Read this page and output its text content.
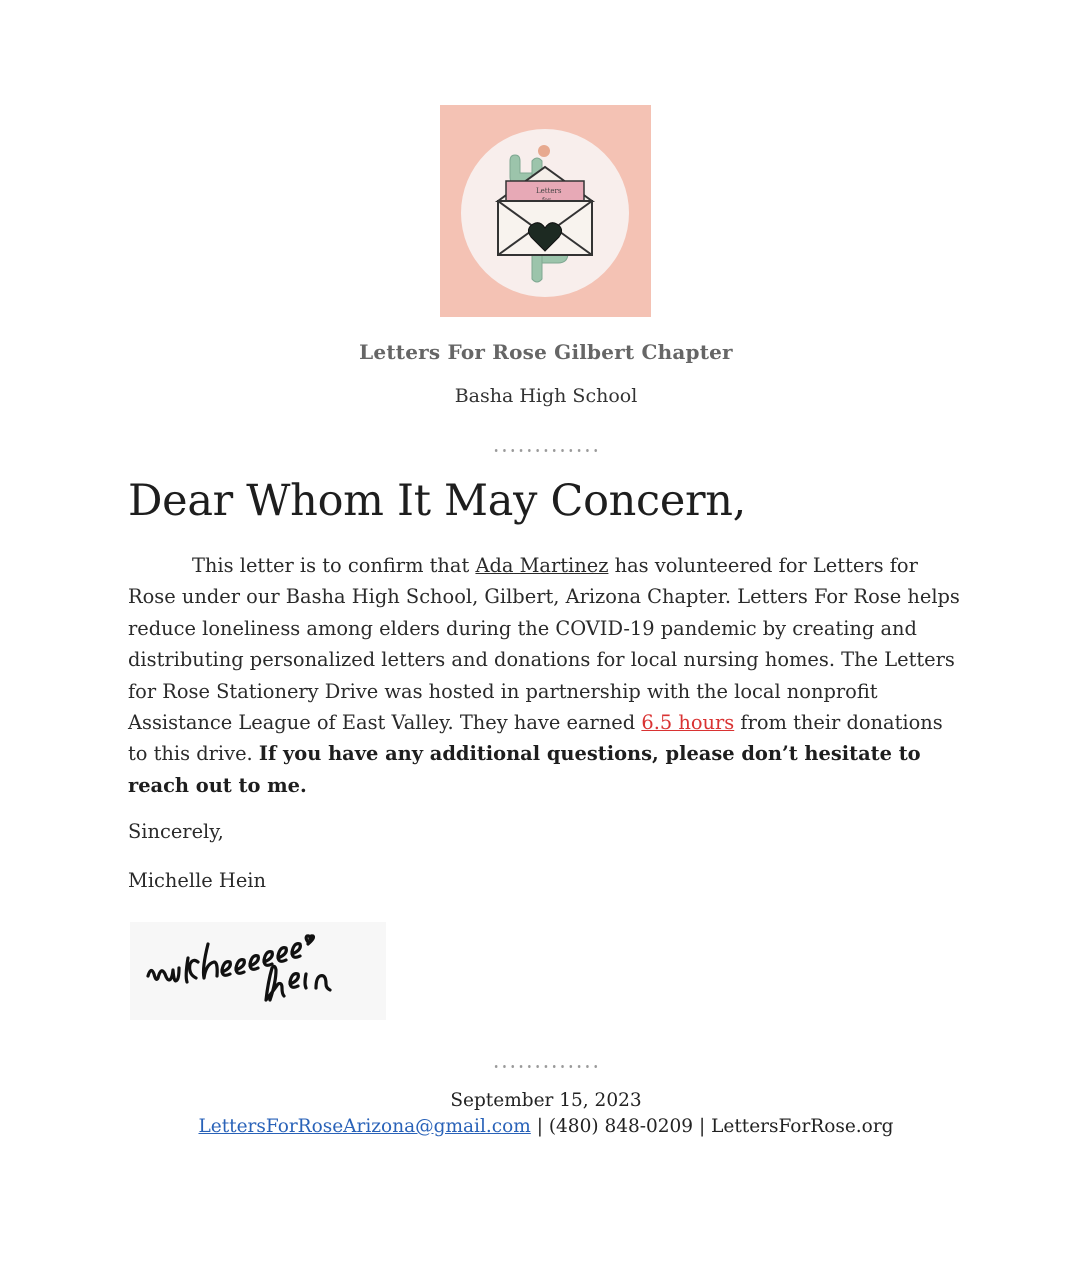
Letters
Letters For Rose Gilbert Chapter
Basha High School
Dear Whom It May Concern,
This letter is to confirm that Ada Martinez has volunteered for Letters for Rose under our Basha High School, Gilbert, Arizona Chapter. Letters For Rose helps reduce loneliness among elders during the COVID-19 pandemic by creating and distributing personalized letters and donations for local nursing homes. The Letters for Rose Stationery Drive was hosted in partnership with the local nonprofit Assistance League of East Valley. They have earned 6.5 hours from their donations to this drive. If you have any additional questions, please don’t hesitate to reach out to me.
Sincerely,
Michelle Hein
Michelle Hein
September 15, 2023
LettersForRoseArizona@gmail.com | (480) 848-0209 | LettersForRose.org
